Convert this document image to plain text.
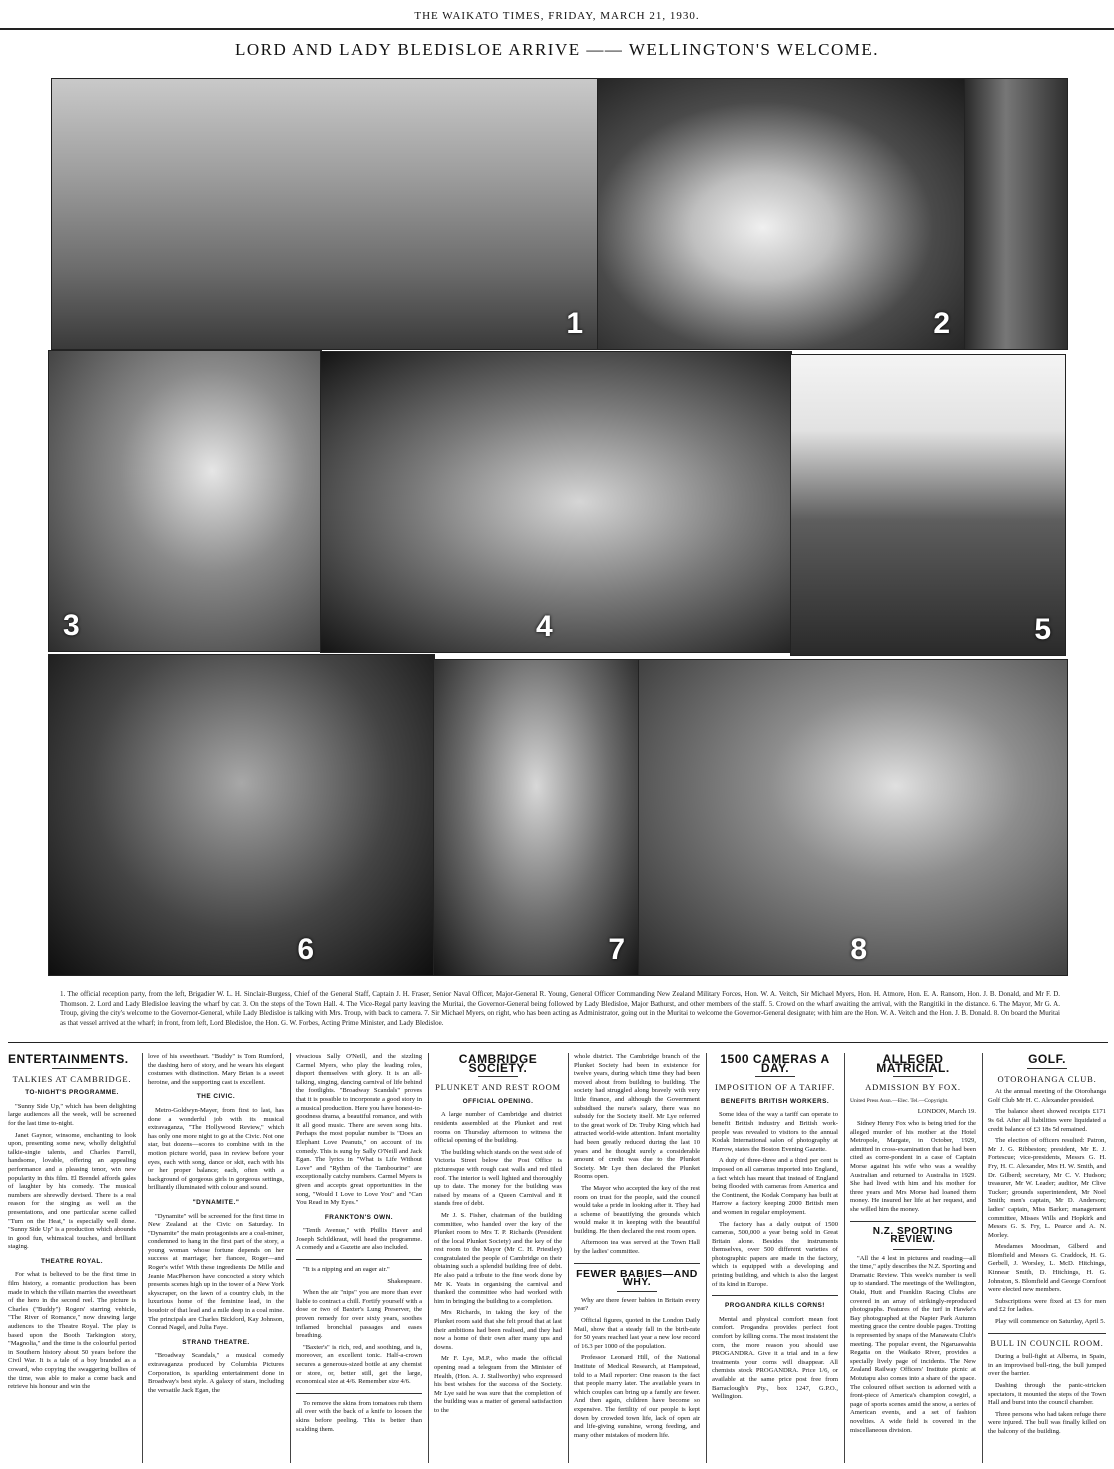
THE WAIKATO TIMES, FRIDAY, MARCH 21, 1930.
LORD AND LADY BLEDISLOE ARRIVE —— WELLINGTON'S WELCOME.
1	2
3	4	5
6	7	8
1. The official reception party, from the left, Brigadier W. L. H. Sinclair-Burgess, Chief of the General Staff, Captain J. H. Fraser, Senior Naval Officer, Major-General R. Young, General Officer Commanding New Zealand Military Forces, Hon. W. A. Veitch, Sir Michael Myers, Hon. H. Atmore, Hon. E. A. Ransom, Hon. J. B. Donald, and Mr F. D. Thomson. 2. Lord and Lady Bledisloe leaving the wharf by car. 3. On the steps of the Town Hall. 4. The Vice-Regal party leaving the Muritai, the Governor-General being followed by Lady Bledisloe, Major Bathurst, and other members of the staff. 5. Crowd on the wharf awaiting the arrival, with the Rangitiki in the distance. 6. The Mayor, Mr G. A. Troup, giving the city's welcome to the Governor-General, while Lady Bledisloe is talking with Mrs. Troup, with back to camera. 7. Sir Michael Myers, on right, who has been acting as Administrator, going out in the Muritai to welcome the Governor-General designate; with him are the Hon. W. A. Veitch and the Hon. J. B. Donald. 8. On board the Muritai as that vessel arrived at the wharf; in front, from left, Lord Bledisloe, the Hon. G. W. Forbes, Acting Prime Minister, and Lady Bledisloe.
ENTERTAINMENTS.
TALKIES AT CAMBRIDGE.
TO-NIGHT'S PROGRAMME.

"Sunny Side Up," which has been delighting large audiences all the week, will be screened for the last time to-night.

Janet Gaynor, winsome, enchanting to look upon, presenting some new, wholly delightful talkie-singie talents, and Charles Farrell, handsome, lovable, offering an appealing performance and a pleasing tenor, win new popularity in this film. El Brendel affords gales of laughter by his comedy. The musical numbers are shrewdly devised. There is a real reason for the singing as well as the presentations, and one particular scene called "Turn on the Heat," is especially well done. "Sunny Side Up" is a production which abounds in good fun, whimsical touches, and brilliant staging.

THEATRE ROYAL.

For what is believed to be the first time in film history, a romantic production has been made in which the villain marries the sweetheart of the hero in the second reel. The picture is Charles ("Buddy") Rogers' starring vehicle, "The River of Romance," now drawing large audiences to the Theatre Royal. The play is based upon the Booth Tarkington story, "Magnolia," and the time is the colourful period in Southern history about 50 years before the Civil War. It is a tale of a boy branded as a coward, who copying the swaggering bullies of the time, was able to make a come back and retrieve his honour and win the

love of his sweetheart. "Buddy" is Tom Rumford, the dashing hero of story, and he wears his elegant costumes with distinction. Mary Brian is a sweet heroine, and the supporting cast is excellent.

THE CIVIC.

Metro-Goldwyn-Mayer, from first to last, has done a wonderful job with its musical extravaganza, "The Hollywood Review," which has only one more night to go at the Civic. Not one star, but dozens—scores to combine with in the motion picture world, pass in review before your eyes, each with song, dance or skit, each with his or her proper balance; each, often with a background of gorgeous girls in gorgeous settings, brilliantly illuminated with colour and sound.

"DYNAMITE."

"Dynamite" will be screened for the first time in New Zealand at the Civic on Saturday. In "Dynamite" the main protagonists are a coal-miner, condemned to hang in the first part of the story, a young woman whose fortune depends on her success at marriage; her fiancee, Roger—and Roger's wife! With these ingredients De Mille and Jeanie MacPherson have concocted a story which presents scenes high up in the tower of a New York skyscraper, on the lawn of a country club, in the luxurious home of the feminine lead, in the boudoir of that lead and a mile deep in a coal mine. The principals are Charles Bickford, Kay Johnson, Conrad Nagel, and Julia Faye.

STRAND THEATRE.

"Broadway Scandals," a musical comedy extravaganza produced by Columbia Pictures Corporation, is sparkling entertainment done in Broadway's best style. A galaxy of stars, including the versatile Jack Egan, the

vivacious Sally O'Neill, and the sizzling Carmel Myers, who play the leading roles, disport themselves with glory. It is an all-talking, singing, dancing carnival of life behind the footlights. "Broadway Scandals" proves that it is possible to incorporate a good story in a musical production. Here you have honest-to-goodness drama, a beautiful romance, and with it all good music. There are seven song hits. Perhaps the most popular number is "Does an Elephant Love Peanuts," on account of its comedy. This is sung by Sally O'Neill and Jack Egan. The lyrics in "What is Life Without Love" and "Rythm of the Tambourine" are exceptionally catchy numbers. Carmel Myers is given and accepts great opportunities in the song, "Would I Love to Love You" and "Can You Read in My Eyes."

FRANKTON'S OWN.

"Tenth Avenue," with Phillis Haver and Joseph Schildkraut, will head the programme. A comedy and a Gazette are also included.

"It is a nipping and an eager air."

Shakespeare.

When the air "nips" you are more than ever liable to contract a chill. Fortify yourself with a dose or two of Baxter's Lung Preserver, the proven remedy for over sixty years, soothes inflamed bronchial passages and eases breathing.

"Baxter's" is rich, red, and soothing, and is, moreover, an excellent tonic. Half-a-crown secures a generous-sized bottle at any chemist or store, or, better still, get the large, economical size at 4/6. Remember size 4/6.

To remove the skins from tomatoes rub them all over with the back of a knife to loosen the skins before peeling. This is better than scalding them.

CAMBRIDGE SOCIETY.
PLUNKET AND REST ROOM
OFFICIAL OPENING.

A large number of Cambridge and district residents assembled at the Plunket and rest rooms on Thursday afternoon to witness the official opening of the building.

The building which stands on the west side of Victoria Street below the Post Office is picturesque with rough cast walls and red tiled roof. The interior is well lighted and thoroughly up to date. The money for the building was raised by means of a Queen Carnival and it stands free of debt.

Mr J. S. Fisher, chairman of the building committee, who handed over the key of the Plunket room to Mrs T. P. Richards (President of the local Plunket Society) and the key of the rest room to the Mayor (Mr C. H. Priestley) congratulated the people of Cambridge on their obtaining such a splendid building free of debt. He also paid a tribute to the fine work done by Mr K. Yeats in organising the carnival and thanked the committee who had worked with him in bringing the building to a completion.

Mrs Richards, in taking the key of the Plunket room said that she felt proud that at last their ambitions had been realised, and they had now a home of their own after many ups and downs.

Mr F. Lye, M.P., who made the official opening read a telegram from the Minister of Health, (Hon. A. J. Stallworthy) who expressed his best wishes for the success of the Society. Mr Lye said he was sure that the completion of the building was a matter of general satisfaction to the

whole district. The Cambridge branch of the Plunket Society had been in existence for twelve years, during which time they had been moved about from building to building. The society had struggled along bravely with very little finance, and although the Government subsidised the nurse's salary, there was no subsidy for the Society itself. Mr Lye referred to the great work of Dr. Truby King which had attracted world-wide attention. Infant mortality had been greatly reduced during the last 10 years and he thought surely a considerable amount of credit was due to the Plunket Society. Mr Lye then declared the Plunket Rooms open.

The Mayor who accepted the key of the rest room on trust for the people, said the council would take a pride in looking after it. They had a scheme of beautifying the grounds which would make it in keeping with the beautiful building. He then declared the rest room open.

Afternoon tea was served at the Town Hall by the ladies' committee.

FEWER BABIES—AND WHY.

Why are there fewer babies in Britain every year?

Official figures, quoted in the London Daily Mail, show that a steady fall in the birth-rate for 50 years reached last year a new low record of 16.3 per 1000 of the population.

Professor Leonard Hill, of the National Institute of Medical Research, at Hampstead, told to a Mail reporter: One reason is the fact that people marry later. The available years in which couples can bring up a family are fewer. And then again, children have become so expensive. The fertility of our people is kept down by crowded town life, lack of open air and life-giving sunshine, wrong feeding, and many other mistakes of modern life.

1500 CAMERAS A DAY.
IMPOSITION OF A TARIFF.
BENEFITS BRITISH WORKERS.

Some idea of the way a tariff can operate to benefit British industry and British work-people was revealed to visitors to the annual Kodak International salon of photography at Harrow, states the Boston Evening Gazette.

A duty of three-three and a third per cent is imposed on all cameras imported into England, a fact which has meant that instead of England being flooded with cameras from America and the Continent, the Kodak Company has built at Harrow a factory keeping 2000 British men and women in regular employment.

The factory has a daily output of 1500 cameras, 500,000 a year being sold in Great Britain alone. Besides the instruments themselves, over 500 different varieties of photographic papers are made in the factory, which is equipped with a developing and printing building, and which is also the largest of its kind in Europe.

PROGANDRA KILLS CORNS!

Mental and physical comfort mean foot comfort. Progandra provides perfect foot comfort by killing corns. The most insistent the corn, the more reason you should use PROGANDRA. Give it a trial and in a few treatments your corns will disappear. All chemists stock PROGANDRA. Price 1/6, or available at the same price post free from Barraclough's Pty., box 1247, G.P.O., Wellington.

ALLEGED MATRICIAL.
ADMISSION BY FOX.

United Press Assn.—Elec. Tel.—Copyright.

LONDON, March 19.

Sidney Henry Fox who is being tried for the alleged murder of his mother at the Hotel Metropole, Margate, in October, 1929, admitted in cross-examination that he had been cited as corre-pondent in a case of Captain Morse against his wife who was a wealthy Australian and returned to Australia in 1929. She had lived with him and his mother for three years and Mrs Morse had loaned them money. He insured her life at her request, and she willed him the money.

N.Z. SPORTING REVIEW.

"All the 4 lest in pictures and reading—all the time," aptly describes the N.Z. Sporting and Dramatic Review. This week's number is well up to standard. The meetings of the Wellington, Otaki, Hutt and Franklin Racing Clubs are covered in an array of strikingly-reproduced photographs. Features of the turf in Hawke's Bay photographed at the Napier Park Autumn meeting grace the centre double pages. Trotting is represented by snaps of the Manawatu Club's meeting. The popular event, the Ngaruawahia Regatta on the Waikato River, provides a specially lively page of incidents. The New Zealand Railway Officers' Institute picnic at Motutapu also comes into a share of the space. The coloured offset section is adorned with a front-piece of America's champion cowgirl, a page of sports scenes amid the snow, a series of American events, and a set of fashion novelties. A wide field is covered in the miscellaneous division.

GOLF.
OTOROHANGA CLUB.

At the annual meeting of the Otorohanga Golf Club Mr H. C. Alexander presided.

The balance sheet showed receipts £171 9s 6d. After all liabilities were liquidated a credit balance of £3 18s 5d remained.

The election of officers resulted: Patron, Mr J. G. Ribbeston; president, Mr E. J. Fortescue; vice-presidents, Messrs G. H. Fry, H. C. Alexander, Mrs H. W. Smith, and Dr. Gilberd; secretary, Mr C. V. Hudson; treasurer, Mr W. Leader; auditor, Mr Clive Tucker; grounds superintendent, Mr Noel Smith; men's captain, Mr D. Anderson; ladies' captain, Miss Barker; management committee, Misses Wills and Hopkirk and Messrs G. S. Fry, L. Pearce and A. N. Morley.

Mesdames Moodman, Gilberd and Blomfield and Messrs G. Craddock, H. G. Gerbell, J. Worsley, L. McD. Hitchings, Kinnear Smith, D. Hitchings, H. G. Johnston, S. Blomfield and George Cornfoot were elected new members.

Subscriptions were fixed at £3 for men and £2 for ladies.

Play will commence on Saturday, April 5.

BULL IN COUNCIL ROOM.

During a bull-fight at Alberra, in Spain, in an improvised bull-ring, the bull jumped over the barrier.

Dashing through the panic-stricken spectators, it mounted the steps of the Town Hall and burst into the council chamber.

Three persons who had taken refuge there were injured. The bull was finally killed on the balcony of the building.
